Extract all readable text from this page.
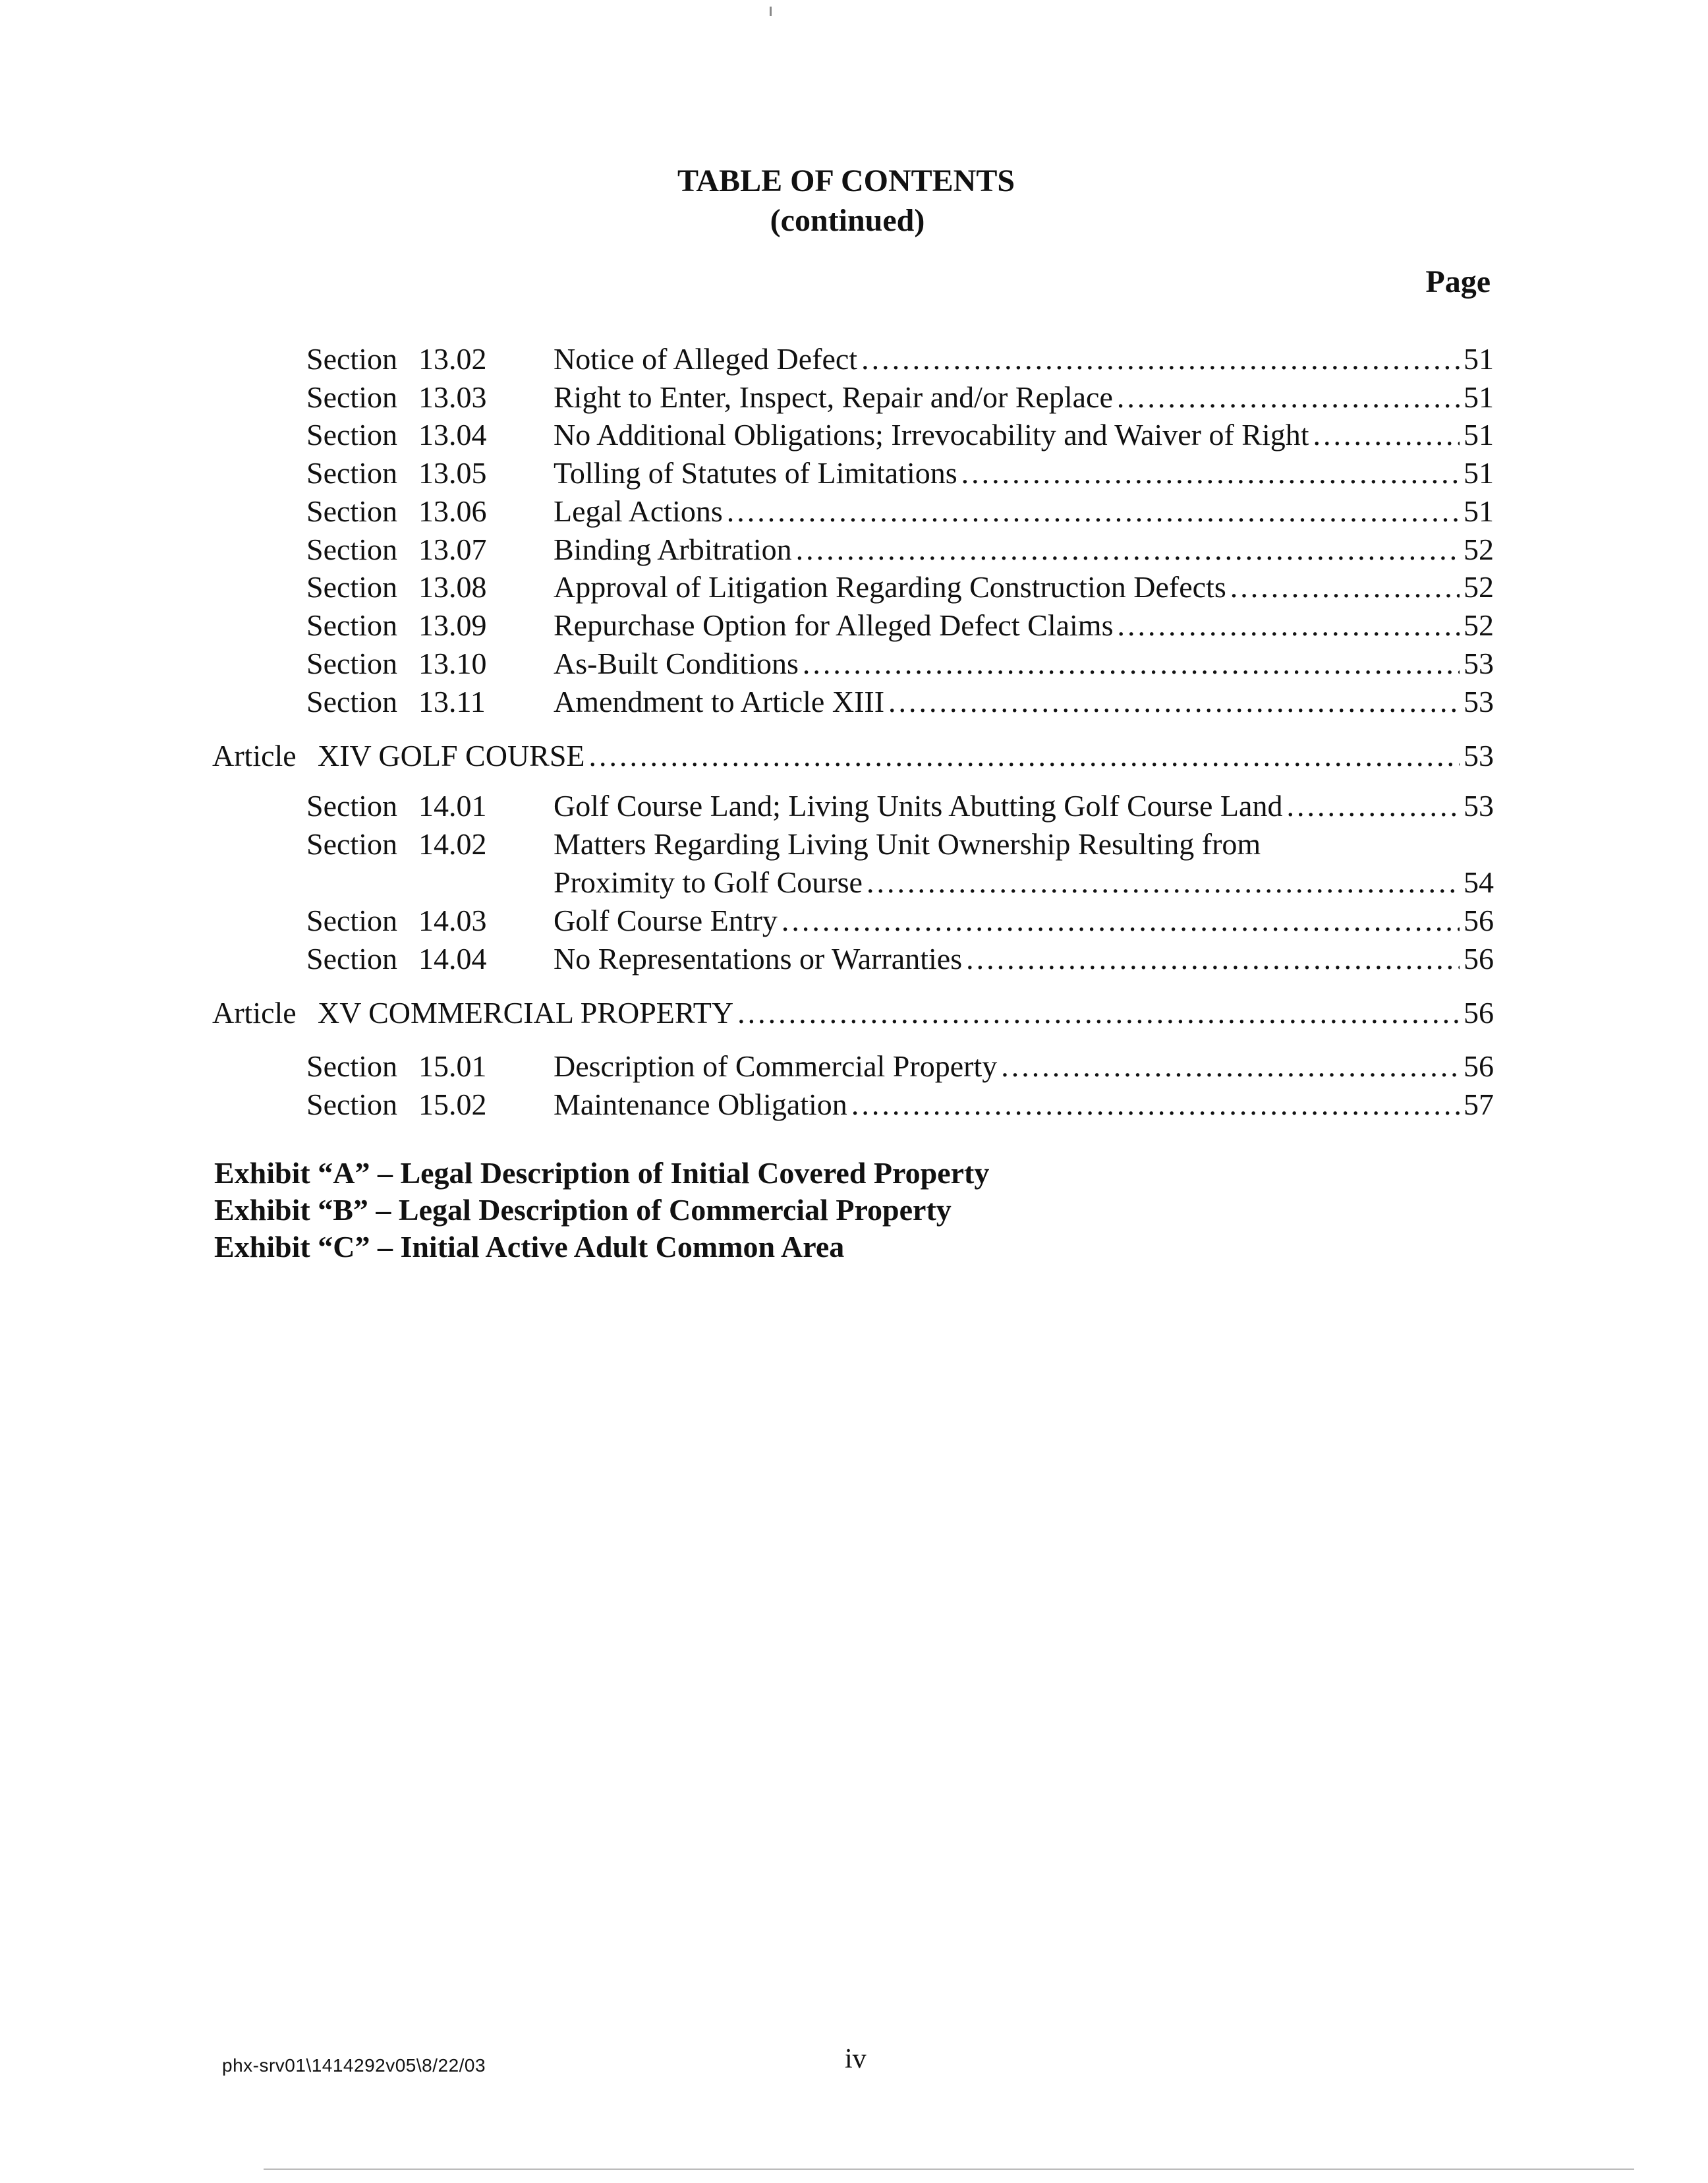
TABLE OF CONTENTS
(continued)
Page
Section 13.02 Notice of Alleged Defect .....	51
Section 13.03 Right to Enter, Inspect, Repair and/or Replace .....	51
Section 13.04 No Additional Obligations; Irrevocability and Waiver of Right .....	51
Section 13.05 Tolling of Statutes of Limitations .....	51
Section 13.06 Legal Actions .....	51
Section 13.07 Binding Arbitration .....	52
Section 13.08 Approval of Litigation Regarding Construction Defects .....	52
Section 13.09 Repurchase Option for Alleged Defect Claims .....	52
Section 13.10 As-Built Conditions .....	53
Section 13.11 Amendment to Article XIII .....	53
Article XIV GOLF COURSE .....	53
Section 14.01 Golf Course Land; Living Units Abutting Golf Course Land .....	53
Section 14.02 Matters Regarding Living Unit Ownership Resulting from
Proximity to Golf Course .....	54
Section 14.03 Golf Course Entry .....	56
Section 14.04 No Representations or Warranties .....	56
Article XV COMMERCIAL PROPERTY .....	56
Section 15.01 Description of Commercial Property .....	56
Section 15.02 Maintenance Obligation .....	57
Exhibit “A” – Legal Description of Initial Covered Property
Exhibit “B” – Legal Description of Commercial Property
Exhibit “C” – Initial Active Adult Common Area
phx-srv01\1414292v05\8/22/03	iv
